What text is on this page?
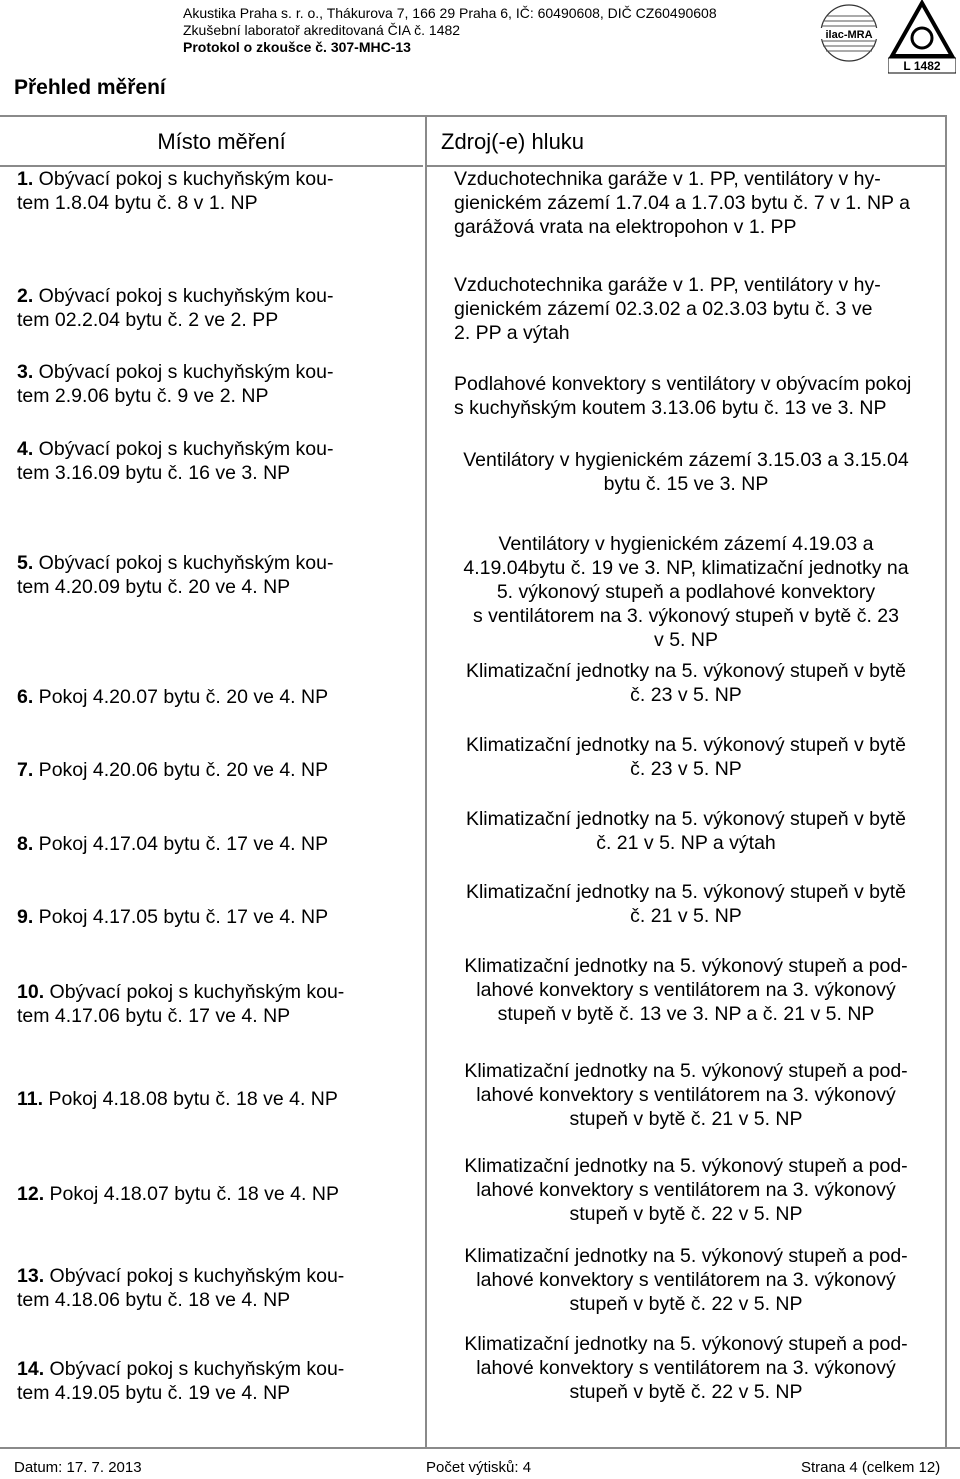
Akustika Praha s. r. o., Thákurova 7, 166 29 Praha 6, IČ: 60490608, DIČ CZ60490608
Zkušební laboratoř akreditovaná ČIA č. 1482
Protokol o zkoušce č. 307-MHC-13
ilac-MRA
L 1482
Přehled měření
Místo měření
1. Obývací pokoj s kuchyňským kou-
tem 1.8.04 bytu č. 8 v 1. NP
2. Obývací pokoj s kuchyňským kou-
tem 02.2.04 bytu č. 2 ve 2. PP
3. Obývací pokoj s kuchyňským kou-
tem 2.9.06 bytu č. 9 ve 2. NP
4. Obývací pokoj s kuchyňským kou-
tem 3.16.09 bytu č. 16 ve 3. NP
5. Obývací pokoj s kuchyňským kou-
tem 4.20.09 bytu č. 20 ve 4. NP
6. Pokoj 4.20.07 bytu č. 20 ve 4. NP
7. Pokoj 4.20.06 bytu č. 20 ve 4. NP
8. Pokoj 4.17.04 bytu č. 17 ve 4. NP
9. Pokoj 4.17.05 bytu č. 17 ve 4. NP
10. Obývací pokoj s kuchyňským kou-
tem 4.17.06 bytu č. 17 ve 4. NP
11. Pokoj 4.18.08 bytu č. 18 ve 4. NP
12. Pokoj 4.18.07 bytu č. 18 ve 4. NP
13. Obývací pokoj s kuchyňským kou-
tem 4.18.06 bytu č. 18 ve 4. NP
14. Obývací pokoj s kuchyňským kou-
tem 4.19.05 bytu č. 19 ve 4. NP
Zdroj(-e) hluku
Vzduchotechnika garáže v 1. PP, ventilátory v hy-
gienickém zázemí 1.7.04 a 1.7.03 bytu č. 7 v 1. NP a
garážová vrata na elektropohon v 1. PP
Vzduchotechnika garáže v 1. PP, ventilátory v hy-
gienickém zázemí 02.3.02 a 02.3.03 bytu č. 3 ve
2. PP a výtah
Podlahové konvektory s ventilátory v obývacím pokoj
s kuchyňským koutem 3.13.06 bytu č. 13 ve 3. NP
Ventilátory v hygienickém zázemí 3.15.03 a 3.15.04
bytu č. 15 ve 3. NP
Ventilátory v hygienickém zázemí 4.19.03 a
4.19.04bytu č. 19 ve 3. NP, klimatizační jednotky na
5. výkonový stupeň a podlahové konvektory
s ventilátorem na 3. výkonový stupeň v bytě č. 23
v 5. NP
Klimatizační jednotky na 5. výkonový stupeň v bytě
č. 23 v 5. NP
Klimatizační jednotky na 5. výkonový stupeň v bytě
č. 23 v 5. NP
Klimatizační jednotky na 5. výkonový stupeň v bytě
č. 21 v 5. NP a výtah
Klimatizační jednotky na 5. výkonový stupeň v bytě
č. 21 v 5. NP
Klimatizační jednotky na 5. výkonový stupeň a pod-
lahové konvektory s ventilátorem na 3. výkonový
stupeň v bytě č. 13 ve 3. NP a č. 21 v 5. NP
Klimatizační jednotky na 5. výkonový stupeň a pod-
lahové konvektory s ventilátorem na 3. výkonový
stupeň v bytě č. 21 v 5. NP
Klimatizační jednotky na 5. výkonový stupeň a pod-
lahové konvektory s ventilátorem na 3. výkonový
stupeň v bytě č. 22 v 5. NP
Klimatizační jednotky na 5. výkonový stupeň a pod-
lahové konvektory s ventilátorem na 3. výkonový
stupeň v bytě č. 22 v 5. NP
Klimatizační jednotky na 5. výkonový stupeň a pod-
lahové konvektory s ventilátorem na 3. výkonový
stupeň v bytě č. 22 v 5. NP
Datum: 17. 7. 2013	Počet výtisků: 4	Strana 4 (celkem 12)
